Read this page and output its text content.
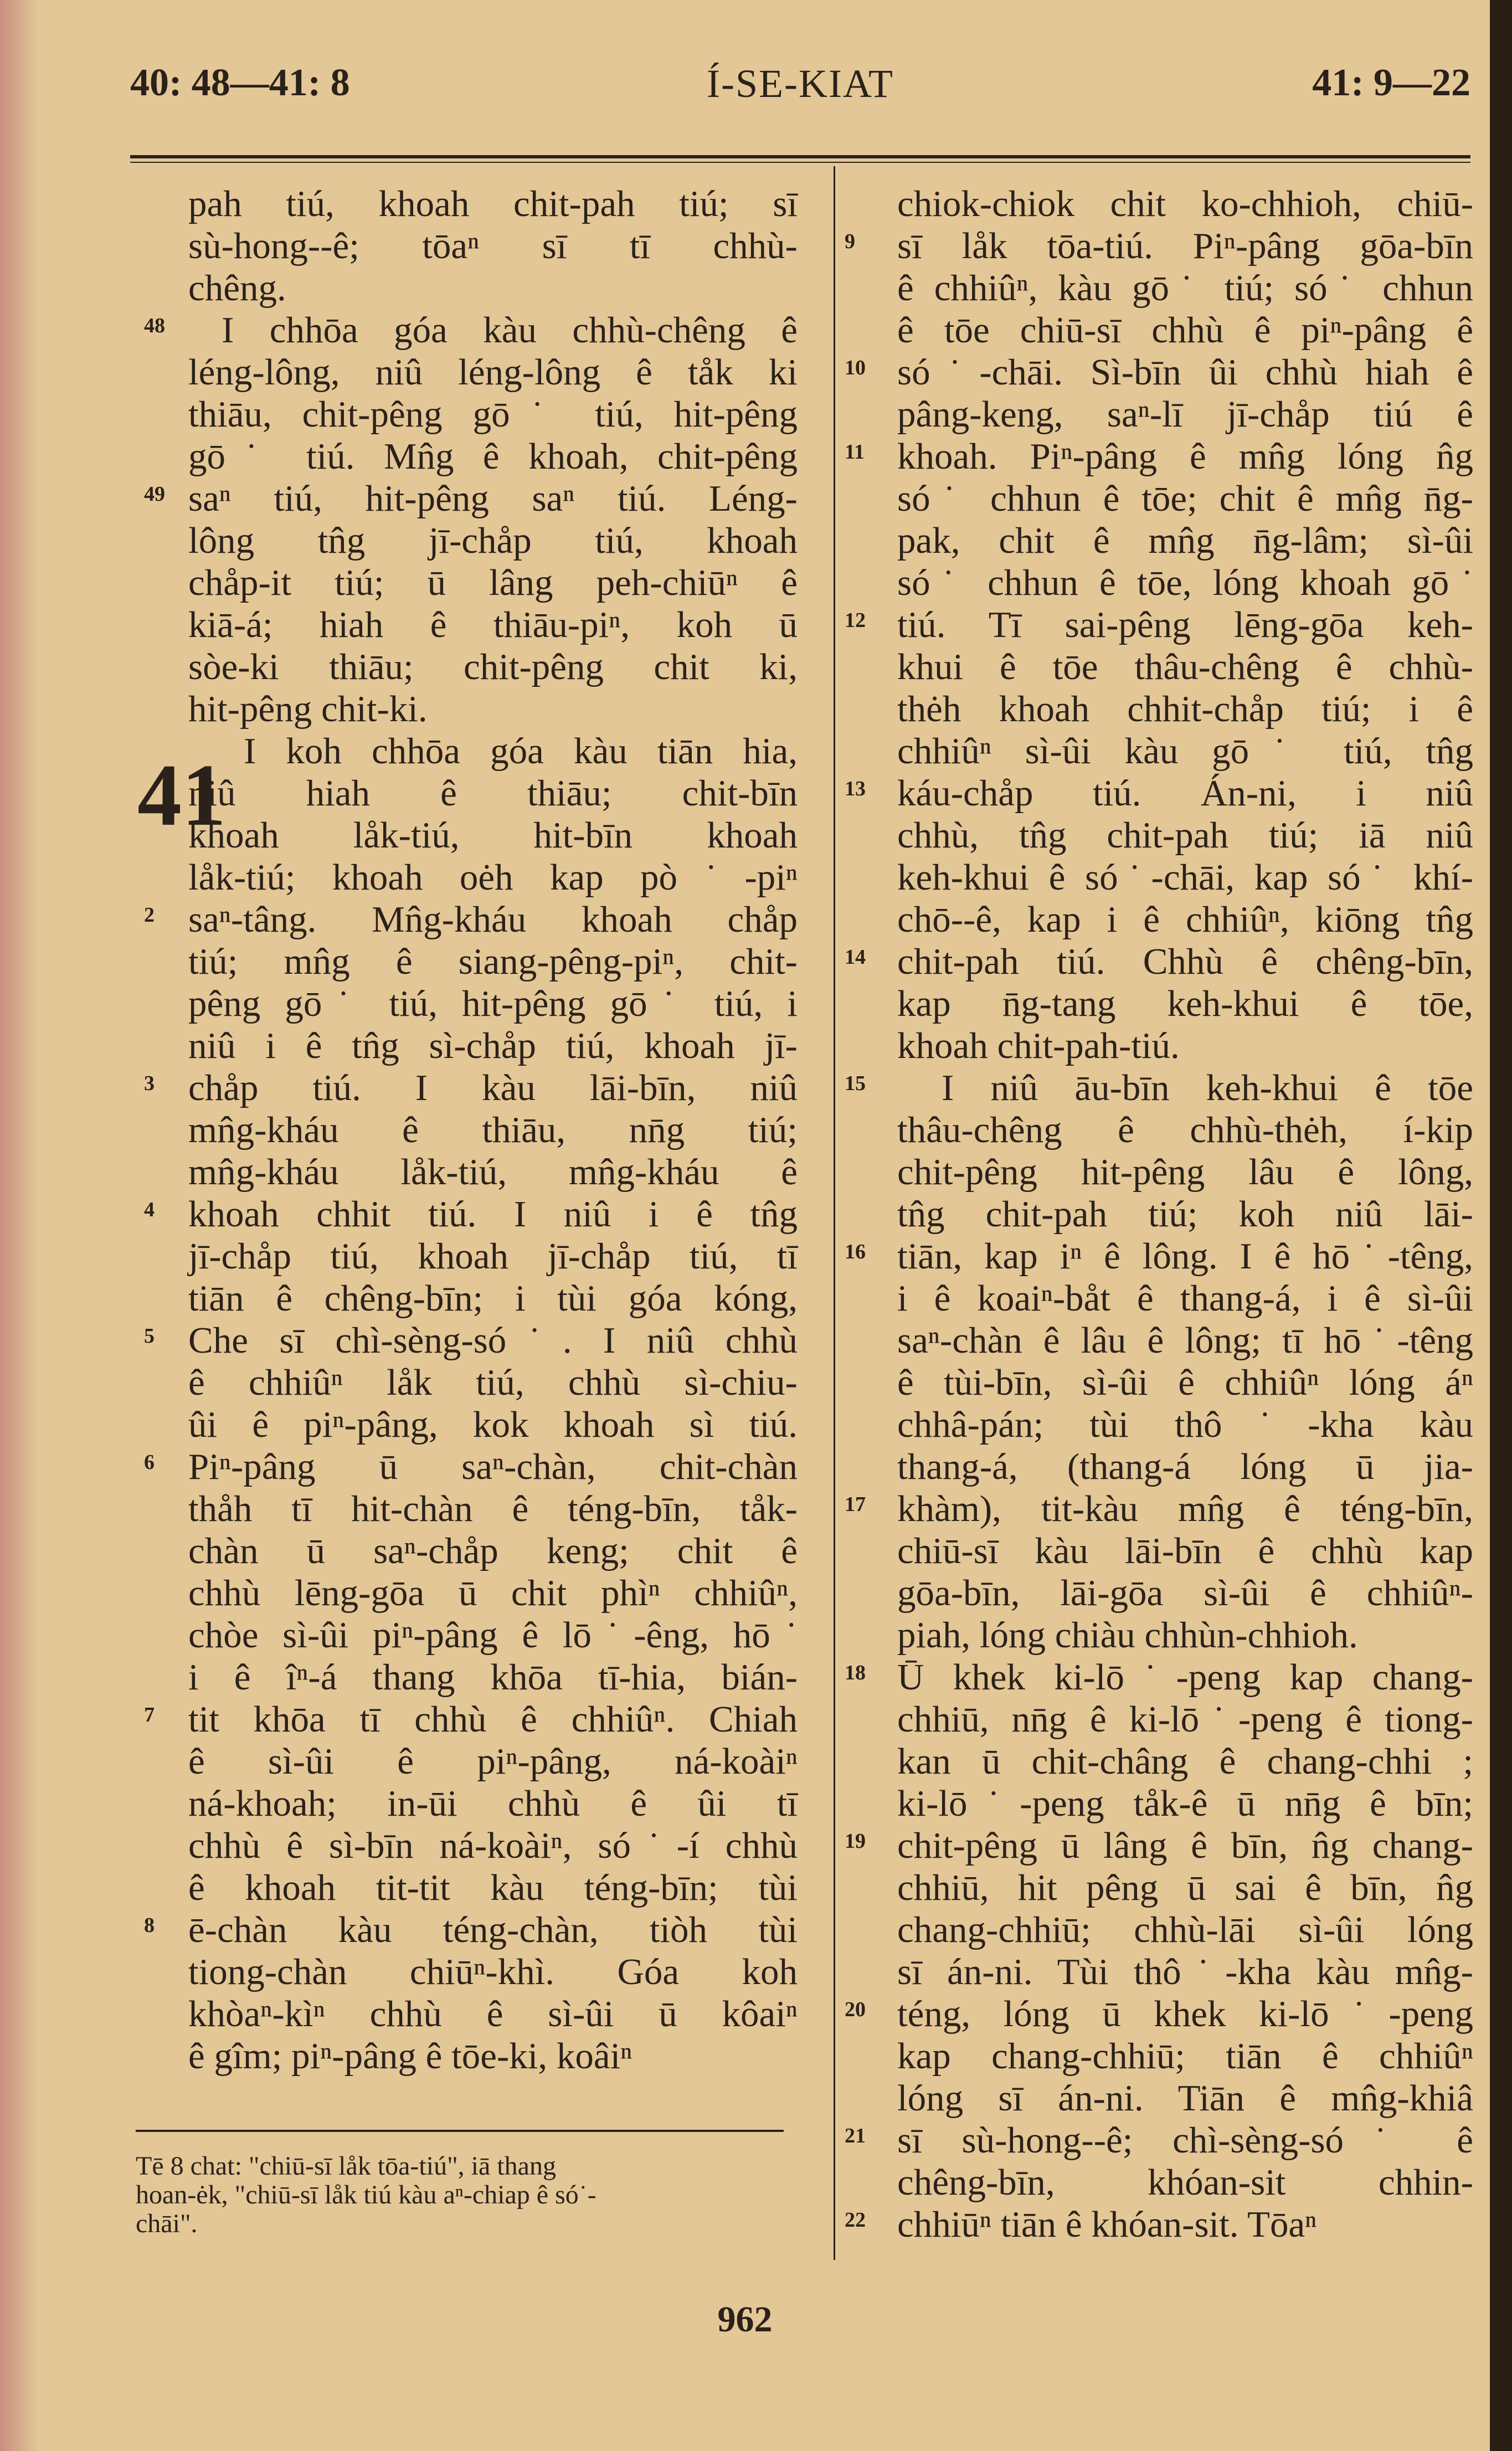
40: 48—41: 8	Í-SE-KIAT	41: 9—22
41
pah tiú, khoah chit-pah tiú; sī
sù-hong--ê; tōaⁿ sī tī chhù-
chêng.
I chhōa góa kàu chhù-chêng ê
léng-lông, niû léng-lông ê tåk ki
thiāu, chit-pêng gō˙ tiú, hit-pêng
gō˙ tiú. Mn̂g ê khoah, chit-pêng
saⁿ tiú, hit-pêng saⁿ tiú. Léng-
lông tn̂g jī-chåp tiú, khoah
chåp-it tiú; ū lâng peh-chiūⁿ ê
kiā-á; hiah ê thiāu-piⁿ, koh ū
sòe-ki thiāu; chit-pêng chit ki,
hit-pêng chit-ki.
I koh chhōa góa kàu tiān hia,
niû hiah ê thiāu; chit-bīn
khoah låk-tiú, hit-bīn khoah
låk-tiú; khoah oėh kap pò˙-piⁿ
saⁿ-tâng. Mn̂g-kháu khoah chåp
tiú; mn̂g ê siang-pêng-piⁿ, chit-
pêng gō˙ tiú, hit-pêng gō˙ tiú, i
niû i ê tn̂g sì-chåp tiú, khoah jī-
chåp tiú. I kàu lāi-bīn, niû
mn̂g-kháu ê thiāu, nn̄g tiú;
mn̂g-kháu låk-tiú, mn̂g-kháu ê
khoah chhit tiú. I niû i ê tn̂g
jī-chåp tiú, khoah jī-chåp tiú, tī
tiān ê chêng-bīn; i tùi góa kóng,
Che sī chì-sèng-só˙. I niû chhù
ê chhiûⁿ låk tiú, chhù sì-chiu-
ûi ê piⁿ-pâng, kok khoah sì tiú.
Piⁿ-pâng ū saⁿ-chàn, chit-chàn
thåh tī hit-chàn ê téng-bīn, tåk-
chàn ū saⁿ-chåp keng; chit ê
chhù lēng-gōa ū chit phìⁿ chhiûⁿ,
chòe sì-ûi piⁿ-pâng ê lō˙-êng, hō˙
i ê îⁿ-á thang khōa tī-hia, bián-
tit khōa tī chhù ê chhiûⁿ. Chiah
ê sì-ûi ê piⁿ-pâng, ná-koàiⁿ
ná-khoah; in-ūi chhù ê ûi tī
chhù ê sì-bīn ná-koàiⁿ, só˙-í chhù
ê khoah tit-tit kàu téng-bīn; tùi
ē-chàn kàu téng-chàn, tiòh tùi
tiong-chàn chiūⁿ-khì. Góa koh
khòaⁿ-kìⁿ chhù ê sì-ûi ū kôaiⁿ
ê gîm; piⁿ-pâng ê tōe-ki, koâiⁿ
48
49
2
3
4
5
6
7
8
chiok-chiok chit ko-chhioh, chiū-
sī låk tōa-tiú. Piⁿ-pâng gōa-bīn
ê chhiûⁿ, kàu gō˙ tiú; só˙ chhun
ê tōe chiū-sī chhù ê piⁿ-pâng ê
só˙-chāi. Sì-bīn ûi chhù hiah ê
pâng-keng, saⁿ-lī jī-chåp tiú ê
khoah. Piⁿ-pâng ê mn̂g lóng n̂g
só˙ chhun ê tōe; chit ê mn̂g n̄g-
pak, chit ê mn̂g n̄g-lâm; sì-ûi
só˙ chhun ê tōe, lóng khoah gō˙
tiú. Tī sai-pêng lēng-gōa keh-
khui ê tōe thâu-chêng ê chhù-
thėh khoah chhit-chåp tiú; i ê
chhiûⁿ sì-ûi kàu gō˙ tiú, tn̂g
káu-chåp tiú. Án-ni, i niû
chhù, tn̂g chit-pah tiú; iā niû
keh-khui ê só˙-chāi, kap só˙ khí-
chō--ê, kap i ê chhiûⁿ, kiōng tn̂g
chit-pah tiú. Chhù ê chêng-bīn,
kap n̄g-tang keh-khui ê tōe,
khoah chit-pah-tiú.
I niû āu-bīn keh-khui ê tōe
thâu-chêng ê chhù-thėh, í-kip
chit-pêng hit-pêng lâu ê lông,
tn̂g chit-pah tiú; koh niû lāi-
tiān, kap iⁿ ê lông. I ê hō˙-têng,
i ê koaiⁿ-båt ê thang-á, i ê sì-ûi
saⁿ-chàn ê lâu ê lông; tī hō˙-têng
ê tùi-bīn, sì-ûi ê chhiûⁿ lóng áⁿ
chhâ-pán; tùi thô˙-kha kàu
thang-á, (thang-á lóng ū jia-
khàm), tit-kàu mn̂g ê téng-bīn,
chiū-sī kàu lāi-bīn ê chhù kap
gōa-bīn, lāi-gōa sì-ûi ê chhiûⁿ-
piah, lóng chiàu chhùn-chhioh.
Ū khek ki-lō˙-peng kap chang-
chhiū, nn̄g ê ki-lō˙-peng ê tiong-
kan ū chit-châng ê chang-chhi ;
ki-lō˙-peng tåk-ê ū nn̄g ê bīn;
chit-pêng ū lâng ê bīn, n̂g chang-
chhiū, hit pêng ū sai ê bīn, n̂g
chang-chhiū; chhù-lāi sì-ûi lóng
sī án-ni. Tùi thô˙-kha kàu mn̂g-
téng, lóng ū khek ki-lō˙-peng
kap chang-chhiū; tiān ê chhiûⁿ
lóng sī án-ni. Tiān ê mn̂g-khiâ
sī sù-hong--ê; chì-sèng-só˙ ê
chêng-bīn, khóan-sit chhin-
chhiūⁿ tiān ê khóan-sit. Tōaⁿ
9
10
11
12
13
14
15
16
17
18
19
20
21
22
Tē 8 chat: "chiū-sī låk tōa-tiú", iā thang
hoan-ėk, "chiū-sī låk tiú kàu aⁿ-chiap ê só˙-
chāi".
962
